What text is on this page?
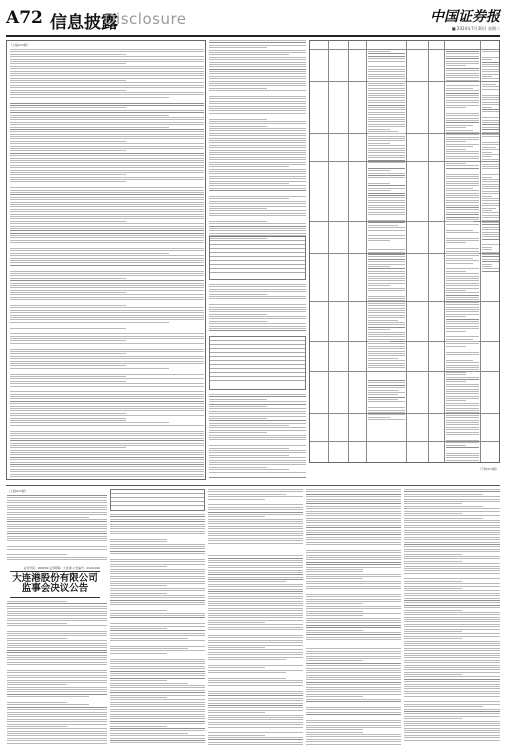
A72 信息披露
Disclosure	中国证券报
■ 2024年7月30日 星期二
（上接A71版）
（下转A73版）
（上接A71版）
证券代码：000000 证券简称：大连港 公告编号：2024-000
大连港股份有限公司
监事会决议公告
